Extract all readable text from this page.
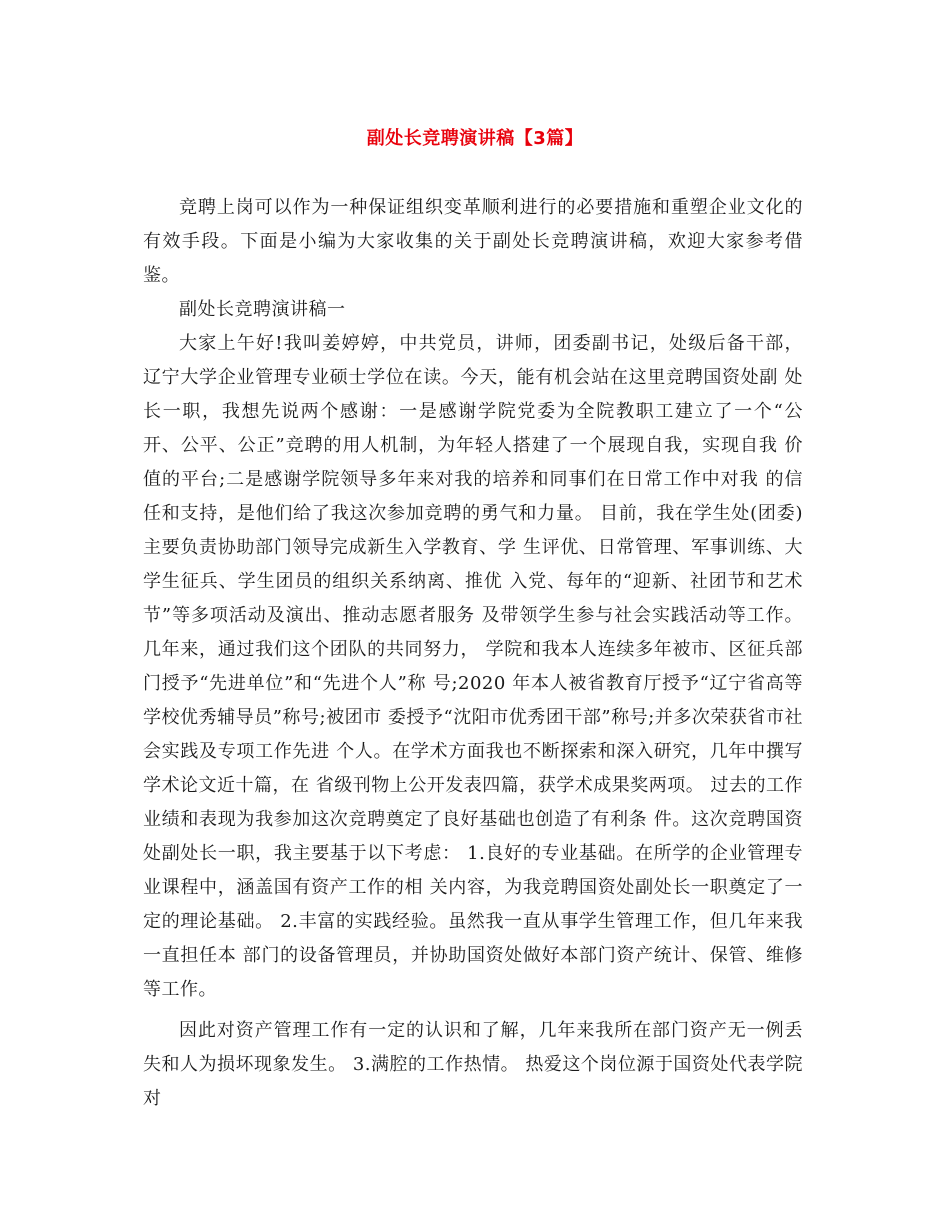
副处长竞聘演讲稿【3篇】

竞聘上岗可以作为一种保证组织变革顺利进行的必要措施和重塑企业文化的有效手段。下面是小编为大家收集的关于副处长竞聘演讲稿，欢迎大家参考借鉴。

副处长竞聘演讲稿一

大家上午好!我叫姜婷婷，中共党员，讲师，团委副书记，处级后备干部， 辽宁大学企业管理专业硕士学位在读。今天，能有机会站在这里竞聘国资处副 处长一职，我想先说两个感谢：一是感谢学院党委为全院教职工建立了一个“公 开、公平、公正”竞聘的用人机制，为年轻人搭建了一个展现自我，实现自我 价值的平台;二是感谢学院领导多年来对我的培养和同事们在日常工作中对我 的信任和支持，是他们给了我这次参加竞聘的勇气和力量。 目前，我在学生处(团委)主要负责协助部门领导完成新生入学教育、学 生评优、日常管理、军事训练、大学生征兵、学生团员的组织关系纳离、推优 入党、每年的“迎新、社团节和艺术节”等多项活动及演出、推动志愿者服务 及带领学生参与社会实践活动等工作。几年来，通过我们这个团队的共同努力， 学院和我本人连续多年被市、区征兵部门授予“先进单位”和“先进个人”称 号;2020 年本人被省教育厅授予“辽宁省高等学校优秀辅导员”称号;被团市 委授予“沈阳市优秀团干部”称号;并多次荣获省市社会实践及专项工作先进 个人。在学术方面我也不断探索和深入研究，几年中撰写学术论文近十篇，在 省级刊物上公开发表四篇，获学术成果奖两项。 过去的工作业绩和表现为我参加这次竞聘奠定了良好基础也创造了有利条 件。这次竞聘国资处副处长一职，我主要基于以下考虑： 1.良好的专业基础。在所学的企业管理专业课程中，涵盖国有资产工作的相 关内容，为我竞聘国资处副处长一职奠定了一定的理论基础。 2.丰富的实践经验。虽然我一直从事学生管理工作，但几年来我一直担任本 部门的设备管理员，并协助国资处做好本部门资产统计、保管、维修等工作。

因此对资产管理工作有一定的认识和了解，几年来我所在部门资产无一例丢失和人为损坏现象发生。 3.满腔的工作热情。 热爱这个岗位源于国资处代表学院对
